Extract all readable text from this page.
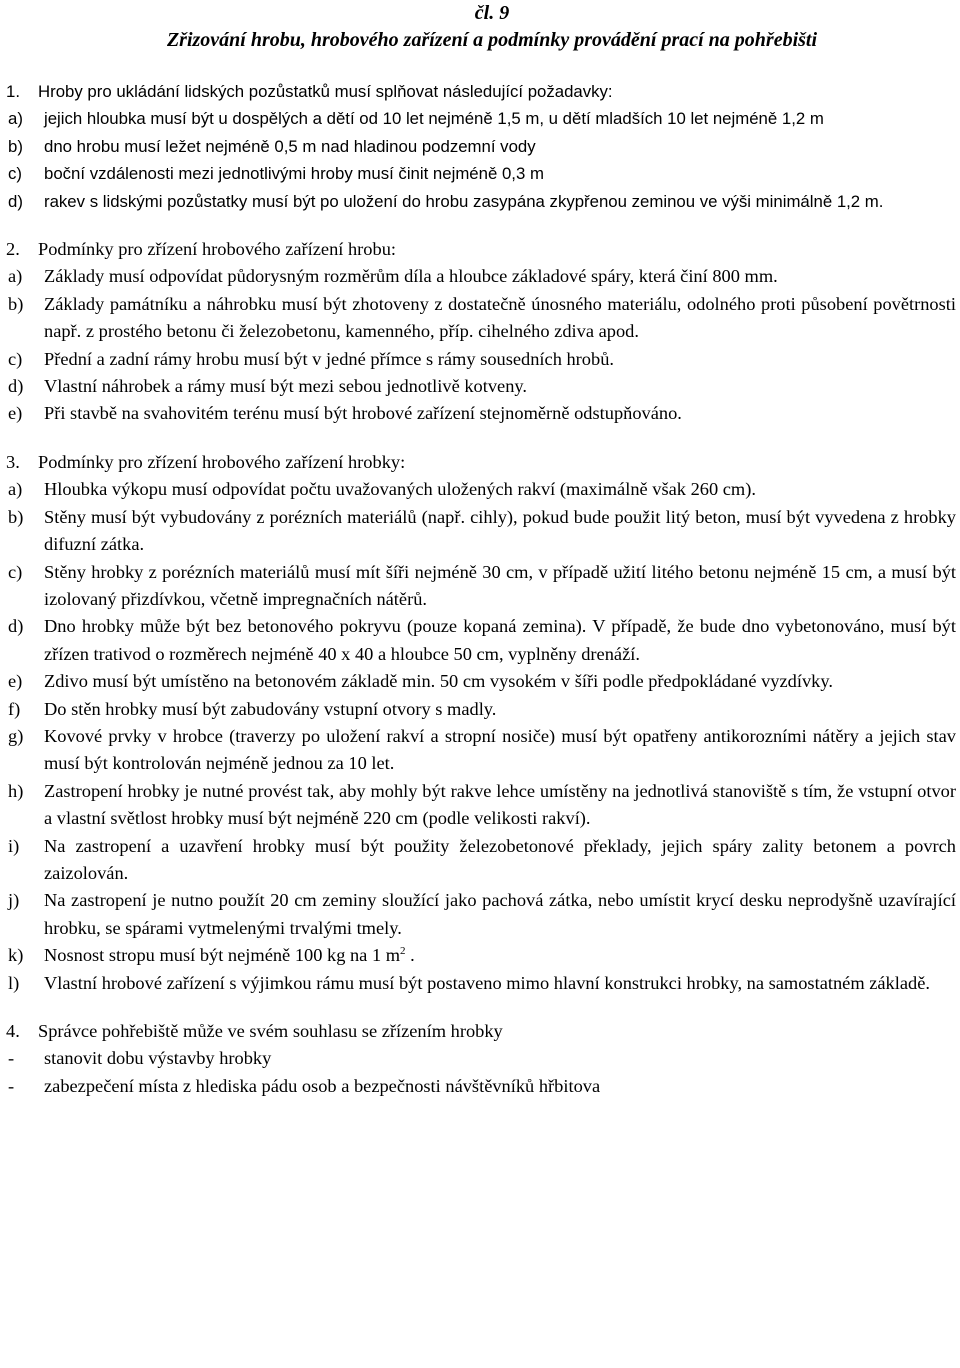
čl. 9
Zřizování hrobu, hrobového zařízení a podmínky provádění prací na pohřebišti
1.	Hroby pro ukládání lidských pozůstatků musí splňovat následující požadavky:
a)	jejich hloubka musí být u dospělých a dětí od 10 let nejméně 1,5 m, u dětí mladších 10 let nejméně 1,2 m
b)	dno hrobu musí ležet nejméně 0,5 m nad hladinou podzemní vody
c)	boční vzdálenosti mezi jednotlivými hroby musí činit nejméně 0,3 m
d)	rakev s lidskými pozůstatky musí být po uložení do hrobu zasypána zkypřenou zeminou ve výši minimálně 1,2 m.
2. Podmínky pro zřízení hrobového zařízení hrobu:
a)	Základy musí odpovídat půdorysným rozměrům díla a hloubce základové spáry, která činí 800 mm.
b)	Základy památníku a náhrobku musí být zhotoveny z dostatečně únosného materiálu, odolného proti působení povětrnosti např. z prostého betonu či železobetonu, kamenného, příp. cihelného zdiva apod.
c)	Přední a zadní rámy hrobu musí být v jedné přímce s rámy sousedních hrobů.
d)	Vlastní náhrobek a rámy musí být mezi sebou jednotlivě kotveny.
e)	Při stavbě na svahovitém terénu musí být hrobové zařízení stejnoměrně odstupňováno.
3. Podmínky pro zřízení hrobového zařízení hrobky:
a)	Hloubka výkopu musí odpovídat počtu uvažovaných uložených rakví (maximálně však 260 cm).
b)	Stěny musí být vybudovány z porézních materiálů (např. cihly), pokud bude použit litý beton, musí být vyvedena z hrobky difuzní zátka.
c)	Stěny hrobky z porézních materiálů musí mít šíři nejméně 30 cm, v případě užití litého betonu nejméně 15 cm, a musí být izolovaný přizdívkou, včetně impregnačních nátěrů.
d)	Dno hrobky může být bez betonového pokryvu (pouze kopaná zemina). V případě, že bude dno vybetonováno, musí být zřízen trativod o rozměrech nejméně 40 x 40 a hloubce 50 cm, vyplněny drenáží.
e)	Zdivo musí být umístěno na betonovém základě min. 50 cm vysokém v šíři podle předpokládané vyzdívky.
f)	Do stěn hrobky musí být zabudovány vstupní otvory s madly.
g)	Kovové prvky v hrobce (traverzy po uložení rakví a stropní nosiče) musí být opatřeny antikorozními nátěry a jejich stav musí být kontrolován nejméně jednou za 10 let.
h)	Zastropení hrobky je nutné provést tak, aby mohly být rakve lehce umístěny na jednotlivá stanoviště s tím, že vstupní otvor a vlastní světlost hrobky musí být nejméně 220 cm (podle velikosti rakví).
i)	Na zastropení a uzavření hrobky musí být použity železobetonové překlady, jejich spáry zality betonem a povrch zaizolován.
j)	Na zastropení je nutno použít 20 cm zeminy sloužící jako pachová zátka, nebo umístit krycí desku neprodyšně uzavírající hrobku, se spárami vytmelenými trvalými tmely.
k)	Nosnost stropu musí být nejméně 100 kg na 1 $m^2$ .
l)	Vlastní hrobové zařízení s výjimkou rámu musí být postaveno mimo hlavní konstrukci hrobky, na samostatném základě.
4. Správce pohřebiště může ve svém souhlasu se zřízením hrobky
-	stanovit dobu výstavby hrobky
-	zabezpečení místa z hlediska pádu osob a bezpečnosti návštěvníků hřbitova
